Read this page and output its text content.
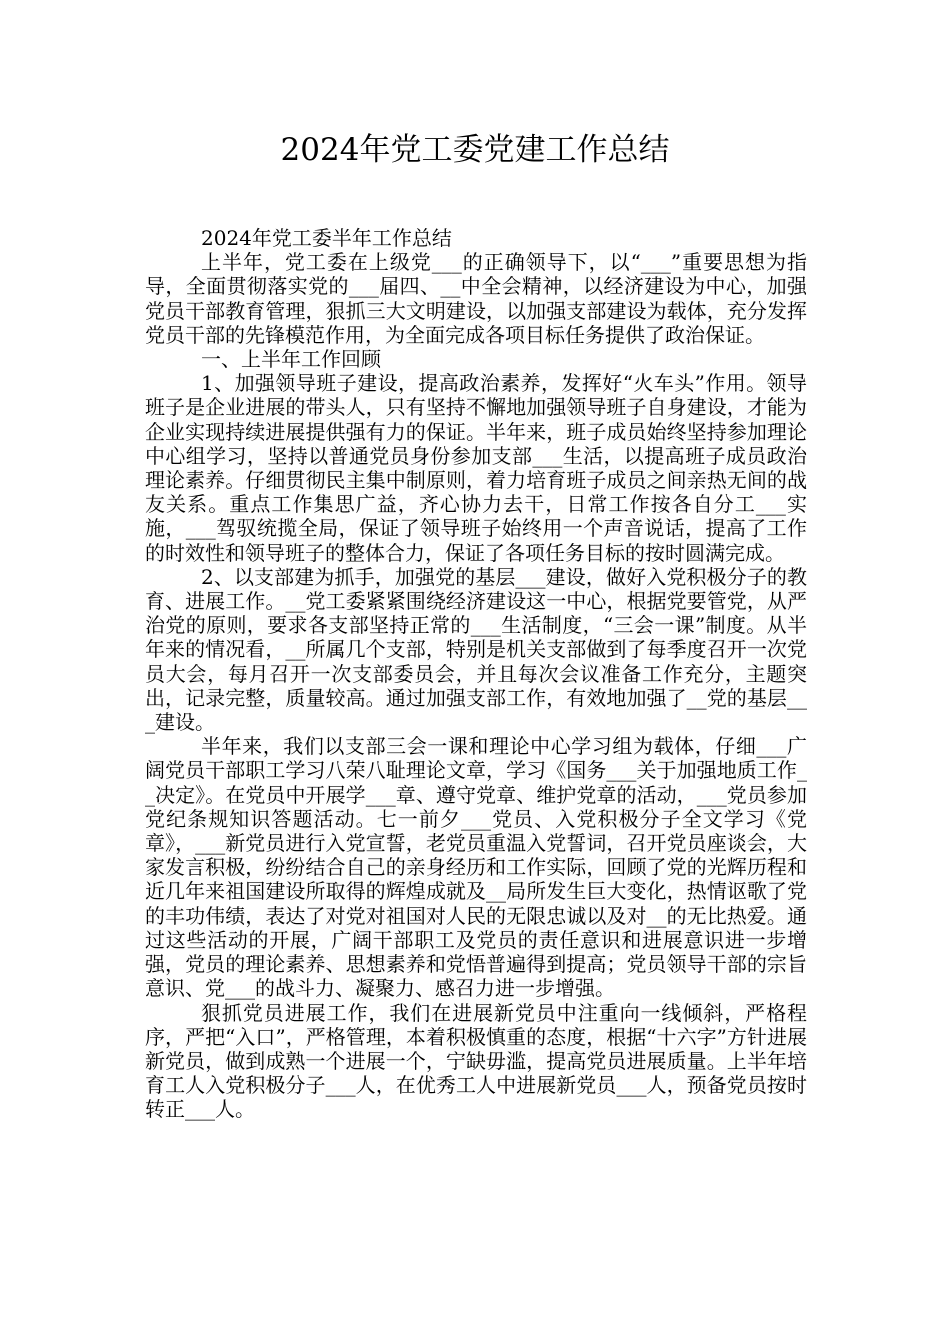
2024年党工委党建工作总结

2024年党工委半年工作总结

上半年，党工委在上级党___的正确领导下，以“___”重要思想为指导，全面贯彻落实党的___届四、__中全会精神，以经济建设为中心，加强党员干部教育管理，狠抓三大文明建设，以加强支部建设为载体，充分发挥党员干部的先锋模范作用，为全面完成各项目标任务提供了政治保证。

一、上半年工作回顾

1、加强领导班子建设，提高政治素养，发挥好“火车头”作用。领导班子是企业进展的带头人，只有坚持不懈地加强领导班子自身建设，才能为企业实现持续进展提供强有力的保证。半年来，班子成员始终坚持参加理论中心组学习，坚持以普通党员身份参加支部___生活，以提高班子成员政治理论素养。仔细贯彻民主集中制原则，着力培育班子成员之间亲热无间的战友关系。重点工作集思广益，齐心协力去干，日常工作按各自分工___实施，___驾驭统揽全局，保证了领导班子始终用一个声音说话，提高了工作的时效性和领导班子的整体合力，保证了各项任务目标的按时圆满完成。

2、以支部建为抓手，加强党的基层___建设，做好入党积极分子的教育、进展工作。__党工委紧紧围绕经济建设这一中心，根据党要管党，从严治党的原则，要求各支部坚持正常的___生活制度，“三会一课”制度。从半年来的情况看，__所属几个支部，特别是机关支部做到了每季度召开一次党员大会，每月召开一次支部委员会，并且每次会议准备工作充分，主题突出，记录完整，质量较高。通过加强支部工作，有效地加强了__党的基层___建设。

半年来，我们以支部三会一课和理论中心学习组为载体，仔细___广阔党员干部职工学习八荣八耻理论文章，学习《国务___关于加强地质工作__决定》。在党员中开展学___章、遵守党章、维护党章的活动，___党员参加党纪条规知识答题活动。七一前夕___党员、入党积极分子全文学习《党章》，___新党员进行入党宣誓，老党员重温入党誓词，召开党员座谈会，大家发言积极，纷纷结合自己的亲身经历和工作实际，回顾了党的光辉历程和近几年来祖国建设所取得的辉煌成就及__局所发生巨大变化，热情讴歌了党的丰功伟绩，表达了对党对祖国对人民的无限忠诚以及对__的无比热爱。通过这些活动的开展，广阔干部职工及党员的责任意识和进展意识进一步增强，党员的理论素养、思想素养和党悟普遍得到提高；党员领导干部的宗旨意识、党___的战斗力、凝聚力、感召力进一步增强。

狠抓党员进展工作，我们在进展新党员中注重向一线倾斜，严格程序，严把“入口”，严格管理，本着积极慎重的态度，根据“十六字”方针进展新党员，做到成熟一个进展一个，宁缺毋滥，提高党员进展质量。上半年培育工人入党积极分子___人，在优秀工人中进展新党员___人，预备党员按时转正___人。
